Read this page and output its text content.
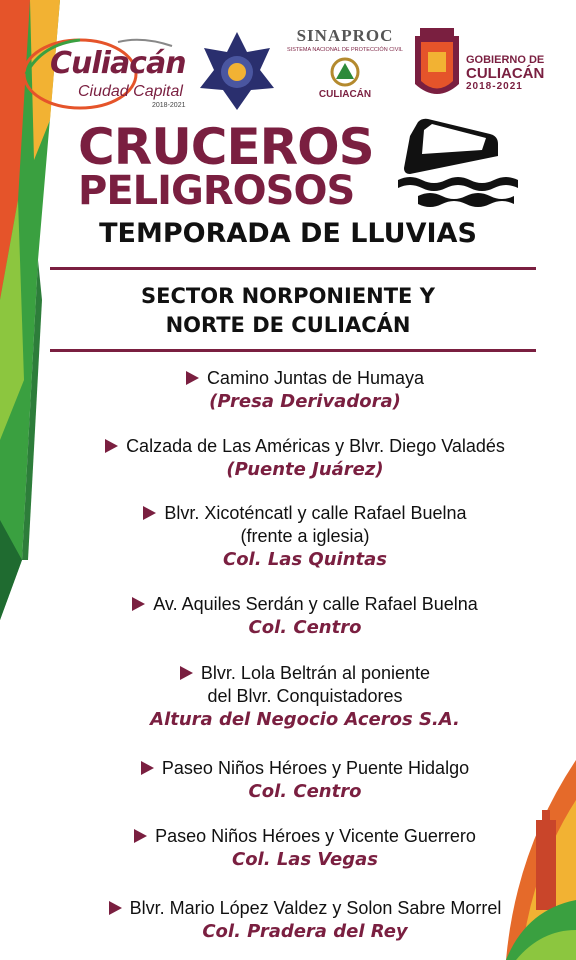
Culiacán
Ciudad Capital
2018-2021
SINAPROC
SISTEMA NACIONAL DE PROTECCIÓN CIVIL
CULIACÁN
GOBIERNO DE
CULIACÁN
2018-2021
CRUCEROS
PELIGROSOS
TEMPORADA DE LLUVIAS
SECTOR NORPONIENTE Y
NORTE DE CULIACÁN
Camino Juntas de Humaya
(Presa Derivadora)
Calzada de Las Américas y Blvr. Diego Valadés
(Puente Juárez)
Blvr. Xicoténcatl y calle Rafael Buelna
(frente a iglesia)
Col. Las Quintas
Av. Aquiles Serdán y calle Rafael Buelna
Col. Centro
Blvr. Lola Beltrán al poniente
del Blvr. Conquistadores
Altura del Negocio Aceros S.A.
Paseo Niños Héroes y Puente Hidalgo
Col. Centro
Paseo Niños Héroes y Vicente Guerrero
Col. Las Vegas
Blvr. Mario López Valdez y Solon Sabre Morrel
Col. Pradera del Rey
